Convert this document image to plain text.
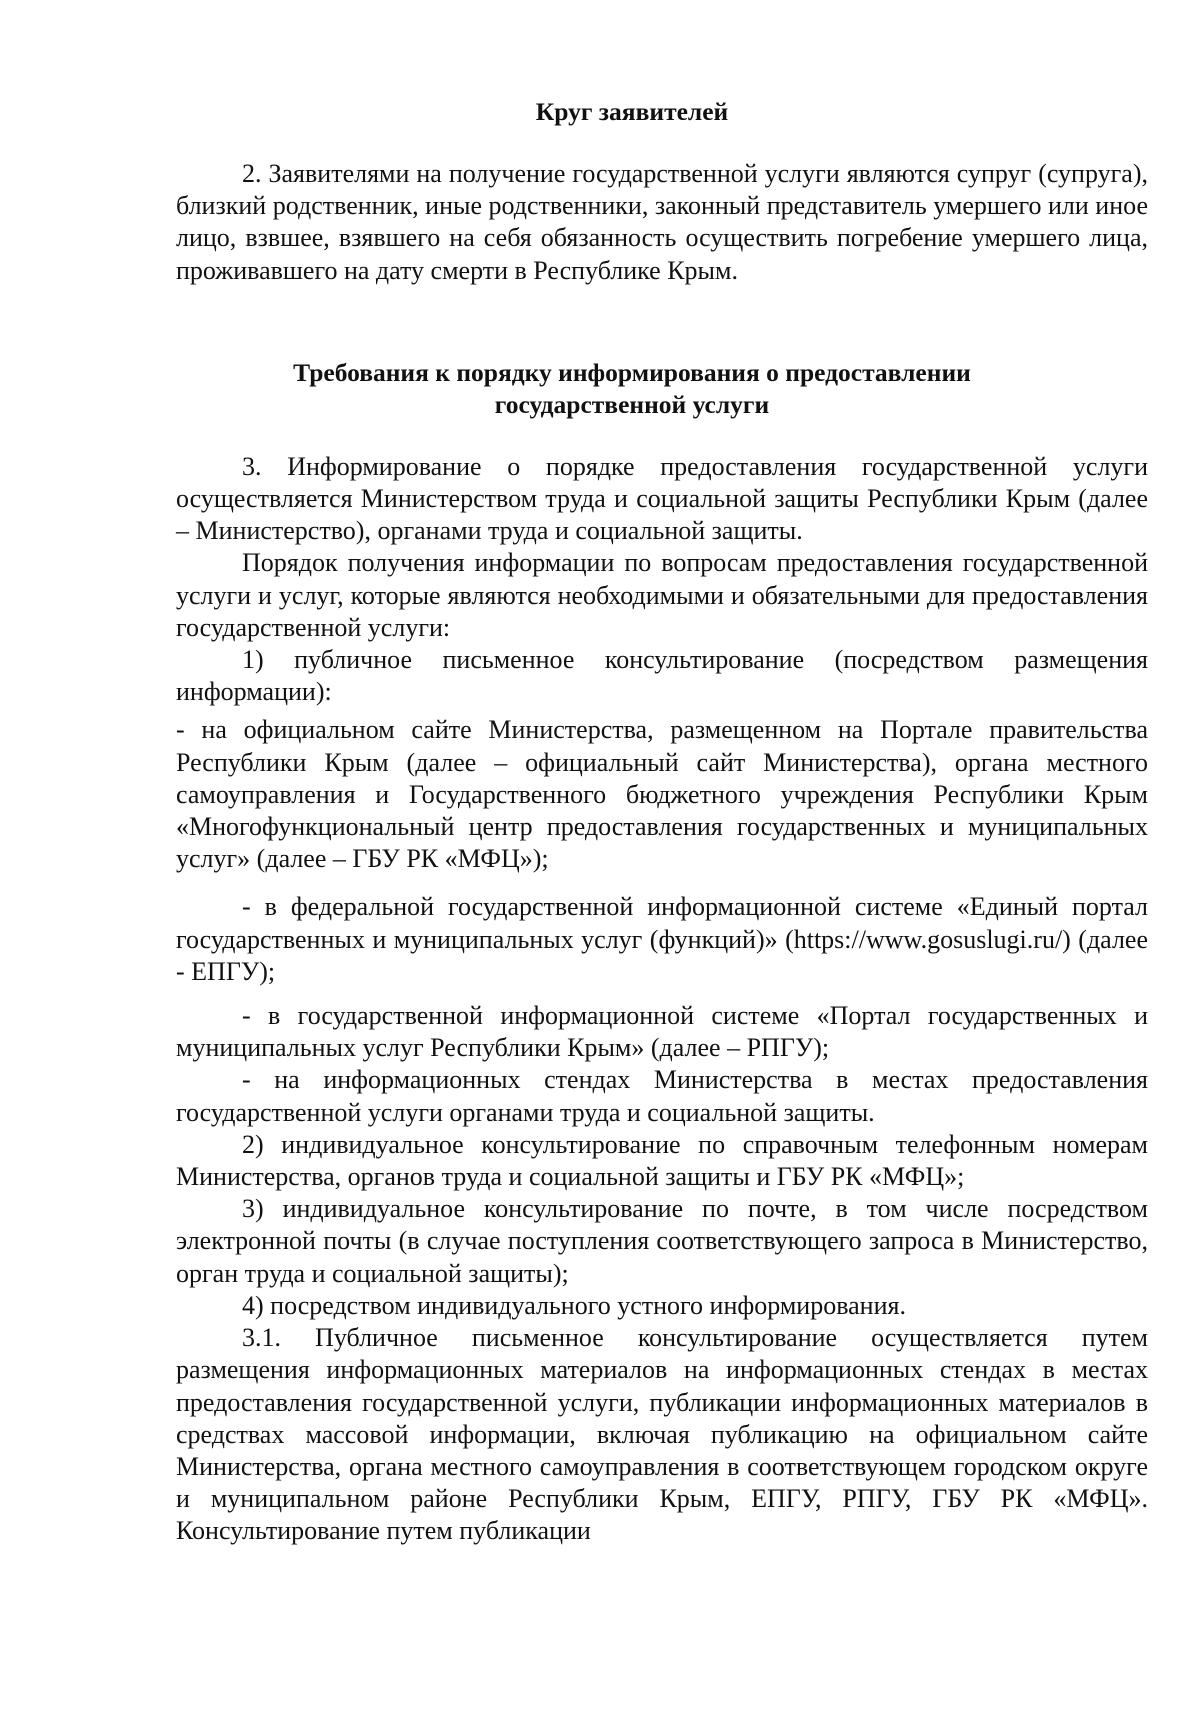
Круг заявителей

2. Заявителями на получение государственной услуги являются супруг (супруга), близкий родственник, иные родственники, законный представитель умершего или иное лицо, взвшее, взявшего на себя обязанность осуществить погребение умершего лица, проживавшего на дату смерти в Республике Крым.

Требования к порядку информирования о предоставлении

государственной услуги

3. Информирование о порядке предоставления государственной услуги осуществляется Министерством труда и социальной защиты Республики Крым (далее – Министерство), органами труда и социальной защиты.

Порядок получения информации по вопросам предоставления государственной услуги и услуг, которые являются необходимыми и обязательными для предоставления государственной услуги:

1) публичное письменное консультирование (посредством размещения информации):

- на официальном сайте Министерства, размещенном на Портале правительства Республики Крым (далее – официальный сайт Министерства), органа местного самоуправления и Государственного бюджетного учреждения Республики Крым «Многофункциональный центр предоставления государственных и муниципальных услуг» (далее – ГБУ РК «МФЦ»);

- в федеральной государственной информационной системе «Единый портал государственных и муниципальных услуг (функций)» (https://www.gosuslugi.ru/) (далее - ЕПГУ);

- в государственной информационной системе «Портал государственных и муниципальных услуг Республики Крым» (далее – РПГУ);

- на информационных стендах Министерства в местах предоставления государственной услуги органами труда и социальной защиты.

2) индивидуальное консультирование по справочным телефонным номерам Министерства, органов труда и социальной защиты и ГБУ РК «МФЦ»;

3) индивидуальное консультирование по почте, в том числе посредством электронной почты (в случае поступления соответствующего запроса в Министерство, орган труда и социальной защиты);

4) посредством индивидуального устного информирования.

3.1. Публичное письменное консультирование осуществляется путем размещения информационных материалов на информационных стендах в местах предоставления государственной услуги, публикации информационных материалов в средствах массовой информации, включая публикацию на официальном сайте Министерства, органа местного самоуправления в соответствующем городском округе и муниципальном районе Республики Крым, ЕПГУ, РПГУ, ГБУ РК «МФЦ». Консультирование путем публикации
